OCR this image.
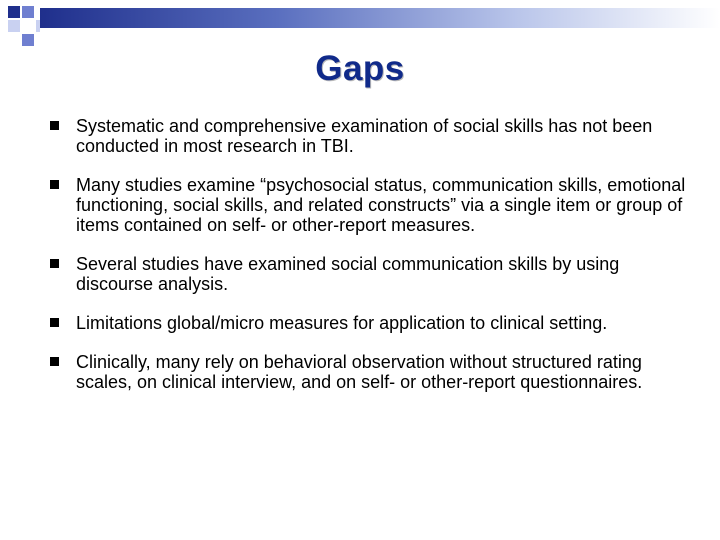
Gaps
Systematic and comprehensive examination of social skills has not been conducted in most research in TBI.
Many studies examine “psychosocial status, communication skills, emotional functioning, social skills, and related constructs” via a single item or group of items contained on self- or other-report measures.
Several studies have examined social communication skills by using discourse analysis.
Limitations global/micro measures for application to clinical setting.
Clinically, many rely on behavioral observation without structured rating scales, on clinical interview, and on self- or other-report questionnaires.
